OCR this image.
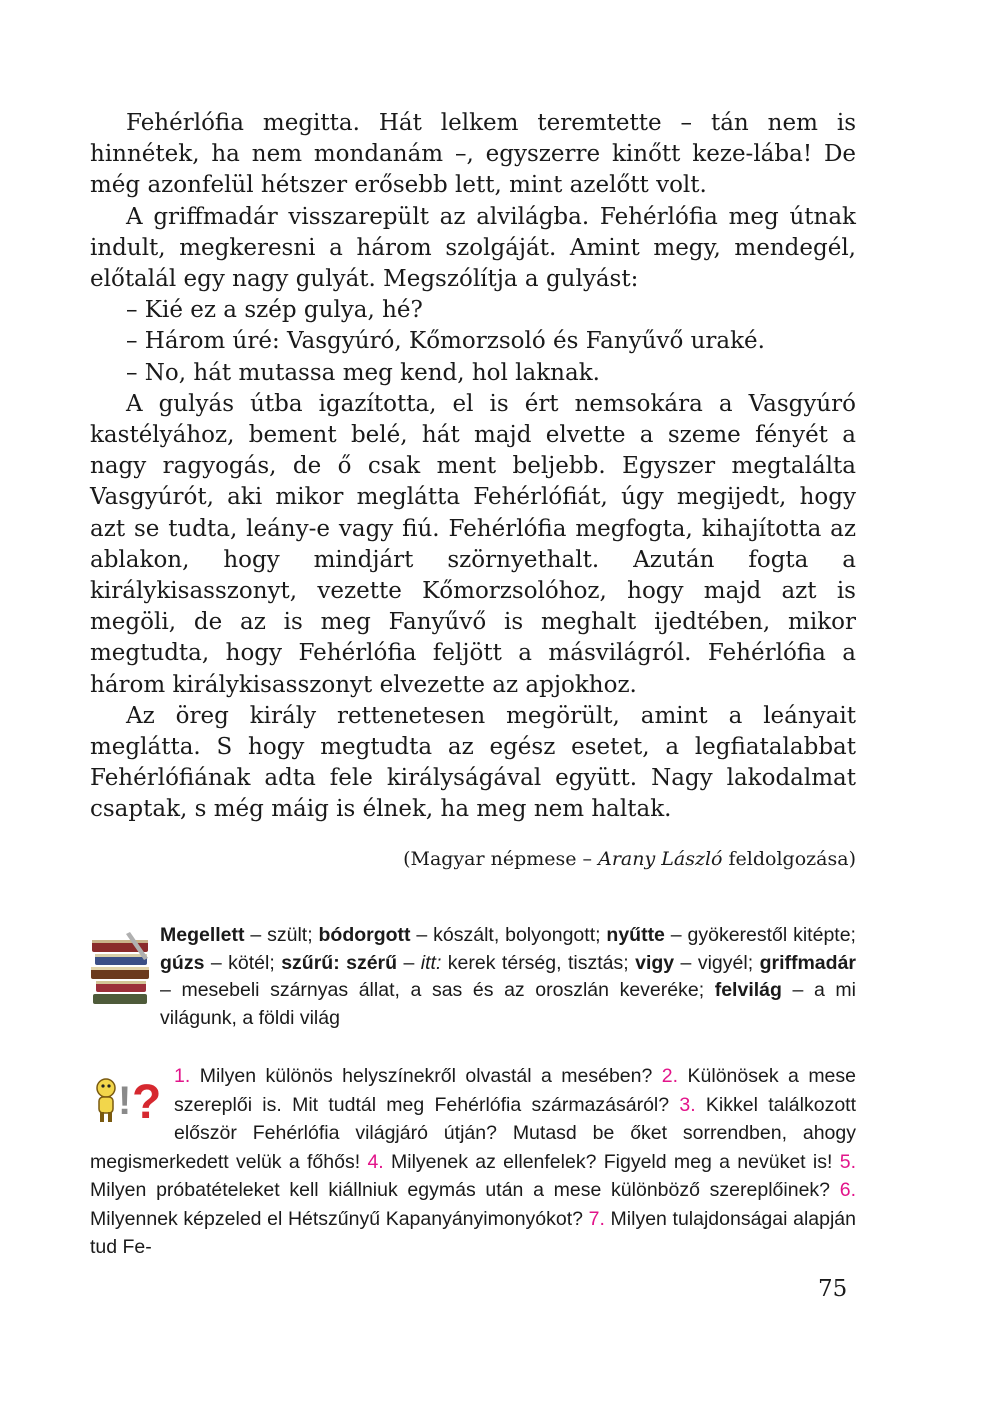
Fehérlófia megitta. Hát lelkem teremtette – tán nem is hinnétek, ha nem mondanám –, egyszerre kinőtt keze-lába! De még azonfelül hétszer erősebb lett, mint azelőtt volt.

A griffmadár visszarepült az alvilágba. Fehérlófia meg útnak indult, megkeresni a három szolgáját. Amint megy, mendegél, előtalál egy nagy gulyát. Megszólítja a gulyást:

– Kié ez a szép gulya, hé?

– Három úré: Vasgyúró, Kőmorzsoló és Fanyűvő uraké.

– No, hát mutassa meg kend, hol laknak.

A gulyás útba igazította, el is ért nemsokára a Vasgyúró kastélyához, bement belé, hát majd elvette a szeme fényét a nagy ragyogás, de ő csak ment beljebb. Egyszer megtalálta Vasgyúrót, aki mikor meglátta Fehérlófiát, úgy megijedt, hogy azt se tudta, leány-e vagy fiú. Fehérlófia megfogta, kihajította az ablakon, hogy mindjárt szörnyethalt. Azután fogta a királykisasszonyt, vezette Kőmorzsolóhoz, hogy majd azt is megöli, de az is meg Fanyűvő is meghalt ijedtében, mikor megtudta, hogy Fehérlófia feljött a másvilágról. Fehérlófia a három királykisasszonyt elvezette az apjokhoz.

Az öreg király rettenetesen megörült, amint a leányait meglátta. S hogy megtudta az egész esetet, a legfiatalabbat Fehérlófiának adta fele királyságával együtt. Nagy lakodalmat csaptak, s még máig is élnek, ha meg nem haltak.

(Magyar népmese – Arany László feldolgozása)
Megellett – szült; bódorgott – kószált, bolyongott; nyűtte – gyökerestől kitépte; gúzs – kötél; szűrű: szérű – itt: kerek térség, tisztás; vigy – vigyél; griffmadár – mesebeli szárnyas állat, a sas és az oroszlán keveréke; felvilág – a mi világunk, a földi világ
! ? 1. Milyen különös helyszínekről olvastál a mesében? 2. Különösek a mese szereplői is. Mit tudtál meg Fehérlófia származásáról? 3. Kikkel találkozott először Fehérlófia világjáró útján? Mutasd be őket sorrendben, ahogy megismerkedett velük a főhős! 4. Milyenek az ellenfelek? Figyeld meg a nevüket is! 5. Milyen próbatételeket kell kiállniuk egymás után a mese különböző szereplőinek? 6. Milyennek képzeled el Hétszűnyű Kapanyányimonyókot? 7. Milyen tulajdonságai alapján tud Fe-
75
